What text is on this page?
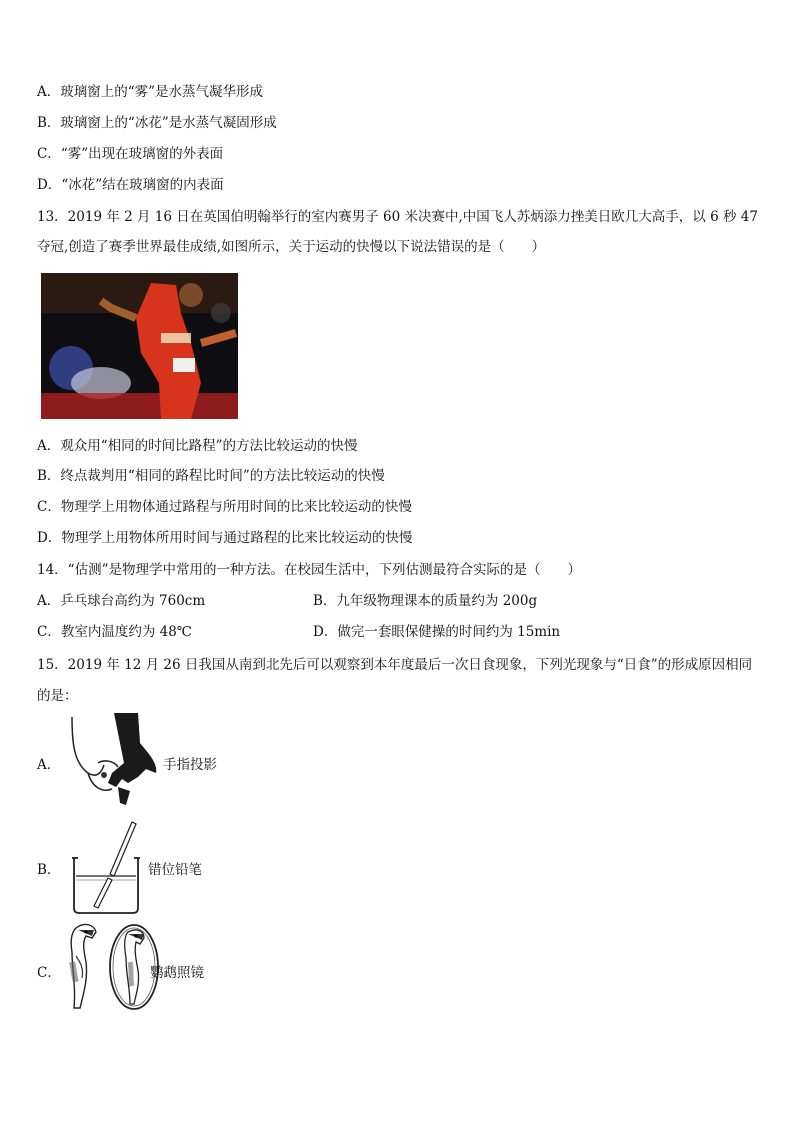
A．玻璃窗上的“雾”是水蒸气凝华形成
B．玻璃窗上的“冰花”是水蒸气凝固形成
C．“雾”出现在玻璃窗的外表面
D．“冰花”结在玻璃窗的内表面
13．2019 年 2 月 16 日在英国伯明翰举行的室内赛男子 60 米决赛中,中国飞人苏炳添力挫美日欧几大高手，以 6 秒 47
夺冠,创造了赛季世界最佳成绩,如图所示，关于运动的快慢以下说法错误的是（　　）
A．观众用“相同的时间比路程”的方法比较运动的快慢
B．终点裁判用“相同的路程比时间”的方法比较运动的快慢
C．物理学上用物体通过路程与所用时间的比来比较运动的快慢
D．物理学上用物体所用时间与通过路程的比来比较运动的快慢
14．“估测”是物理学中常用的一种方法。在校园生活中，下列估测最符合实际的是（　　）
A．乒乓球台高约为 760cm	B．九年级物理课本的质量约为 200g
C．教室内温度约为 48℃	D．做完一套眼保健操的时间约为 15min
15．2019 年 12 月 26 日我国从南到北先后可以观察到本年度最后一次日食现象，下列光现象与“日食”的形成原因相同
的是：
A．	手指投影
B．	错位铅笔
C．	鹦鹉照镜
